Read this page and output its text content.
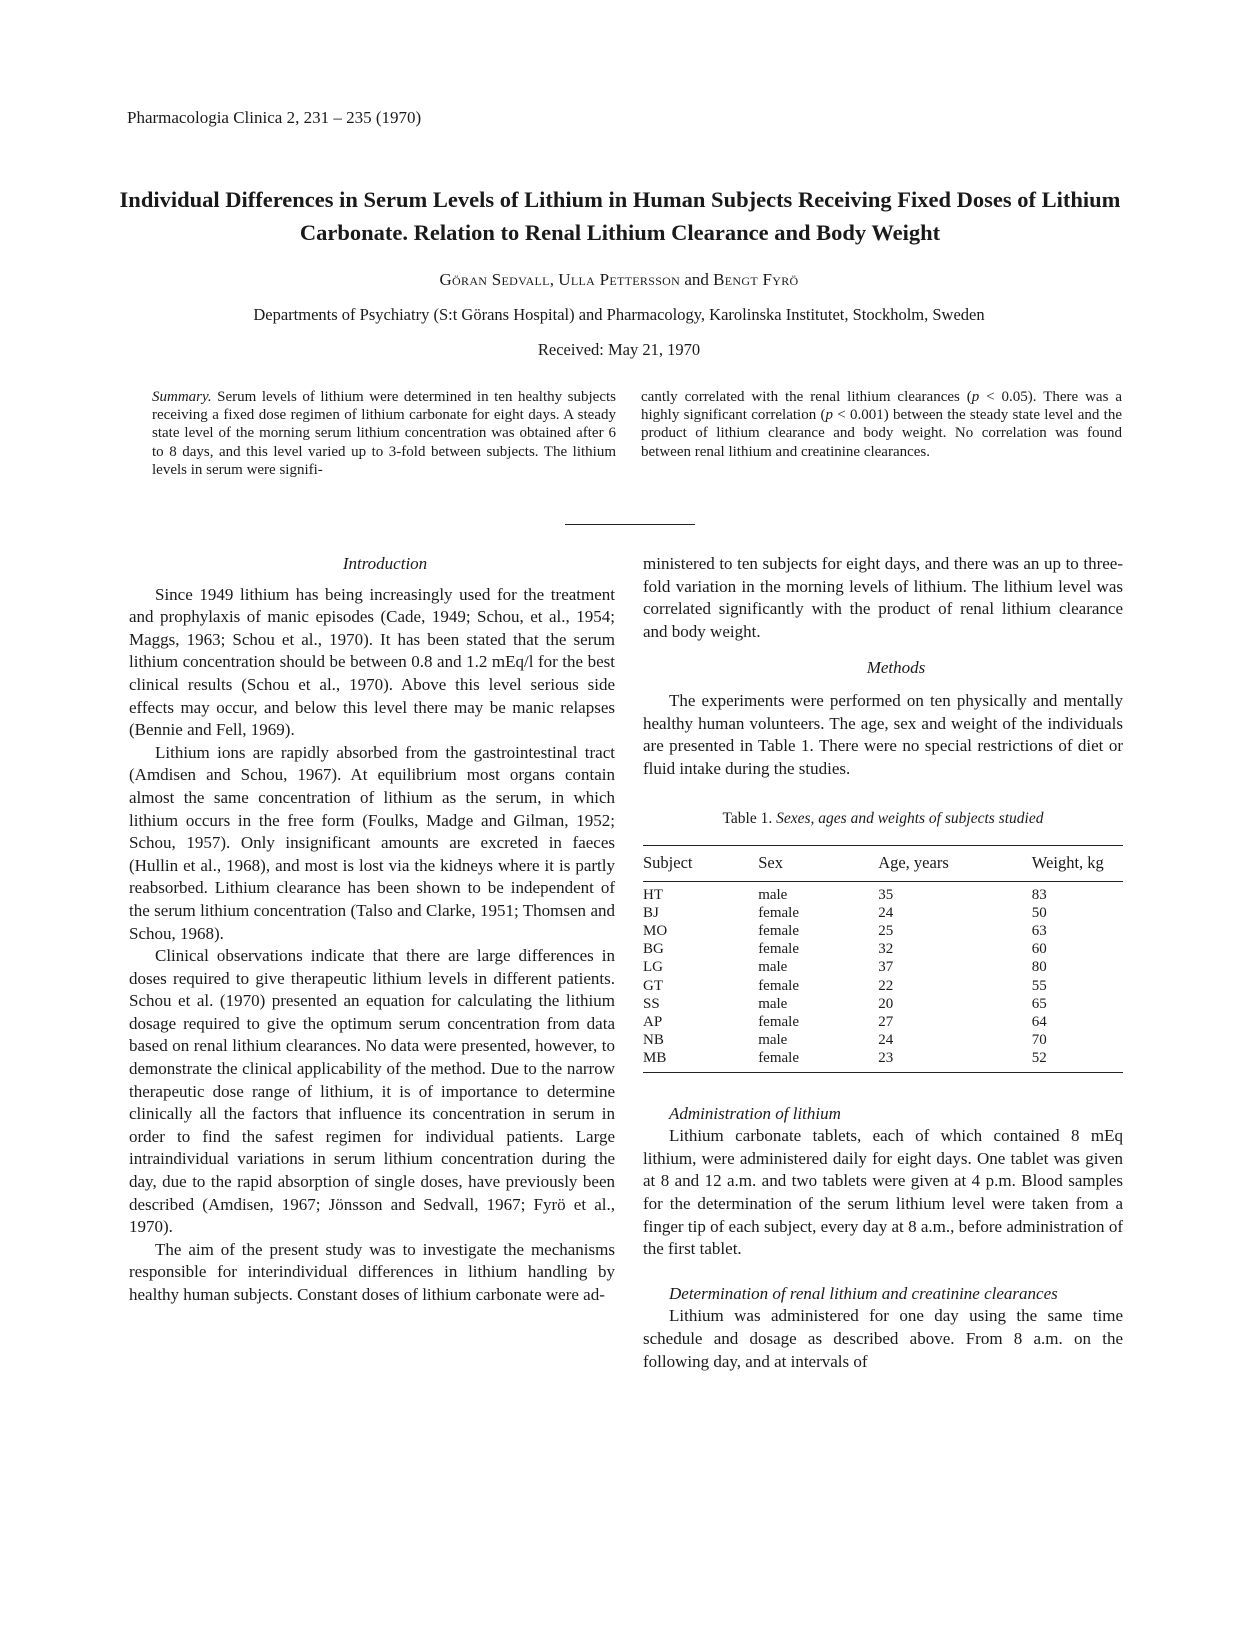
Pharmacologia Clinica 2, 231 – 235 (1970)
Individual Differences in Serum Levels of Lithium in Human Subjects Receiving Fixed Doses of Lithium Carbonate. Relation to Renal Lithium Clearance and Body Weight
Göran Sedvall, Ulla Pettersson and Bengt Fyrö
Departments of Psychiatry (S:t Görans Hospital) and Pharmacology, Karolinska Institutet, Stockholm, Sweden
Received: May 21, 1970
Summary. Serum levels of lithium were determined in ten healthy subjects receiving a fixed dose regimen of lithium carbonate for eight days. A steady state level of the morning serum lithium concentration was obtained after 6 to 8 days, and this level varied up to 3-fold between subjects. The lithium levels in serum were signifi-
cantly correlated with the renal lithium clearances (p < 0.05). There was a highly significant correlation (p < 0.001) between the steady state level and the product of lithium clearance and body weight. No correlation was found between renal lithium and creatinine clearances.

Introduction

Since 1949 lithium has being increasingly used for the treatment and prophylaxis of manic episodes (Cade, 1949; Schou, et al., 1954; Maggs, 1963; Schou et al., 1970). It has been stated that the serum lithium concentration should be between 0.8 and 1.2 mEq/l for the best clinical results (Schou et al., 1970). Above this level serious side effects may occur, and below this level there may be manic relapses (Bennie and Fell, 1969).

Lithium ions are rapidly absorbed from the gastrointestinal tract (Amdisen and Schou, 1967). At equilibrium most organs contain almost the same concentration of lithium as the serum, in which lithium occurs in the free form (Foulks, Madge and Gilman, 1952; Schou, 1957). Only insignificant amounts are excreted in faeces (Hullin et al., 1968), and most is lost via the kidneys where it is partly reabsorbed. Lithium clearance has been shown to be independent of the serum lithium concentration (Talso and Clarke, 1951; Thomsen and Schou, 1968).

Clinical observations indicate that there are large differences in doses required to give therapeutic lithium levels in different patients. Schou et al. (1970) presented an equation for calculating the lithium dosage required to give the optimum serum concentration from data based on renal lithium clearances. No data were presented, however, to demonstrate the clinical applicability of the method. Due to the narrow therapeutic dose range of lithium, it is of importance to determine clinically all the factors that influence its concentration in serum in order to find the safest regimen for individual patients. Large intraindividual variations in serum lithium concentration during the day, due to the rapid absorption of single doses, have previously been described (Amdisen, 1967; Jönsson and Sedvall, 1967; Fyrö et al., 1970).

The aim of the present study was to investigate the mechanisms responsible for interindividual differences in lithium handling by healthy human subjects. Constant doses of lithium carbonate were ad-

ministered to ten subjects for eight days, and there was an up to three-fold variation in the morning levels of lithium. The lithium level was correlated significantly with the product of renal lithium clearance and body weight.

Methods

The experiments were performed on ten physically and mentally healthy human volunteers. The age, sex and weight of the individuals are presented in Table 1. There were no special restrictions of diet or fluid intake during the studies.

Table 1. Sexes, ages and weights of subjects studied
Subject	Sex	Age, years	Weight, kg
HT	male	35	83
BJ	female	24	50
MO	female	25	63
BG	female	32	60
LG	male	37	80
GT	female	22	55
SS	male	20	65
AP	female	27	64
NB	male	24	70
MB	female	23	52

Administration of lithium

Lithium carbonate tablets, each of which contained 8 mEq lithium, were administered daily for eight days. One tablet was given at 8 and 12 a.m. and two tablets were given at 4 p.m. Blood samples for the determination of the serum lithium level were taken from a finger tip of each subject, every day at 8 a.m., before administration of the first tablet.

Determination of renal lithium and creatinine clearances

Lithium was administered for one day using the same time schedule and dosage as described above. From 8 a.m. on the following day, and at intervals of
